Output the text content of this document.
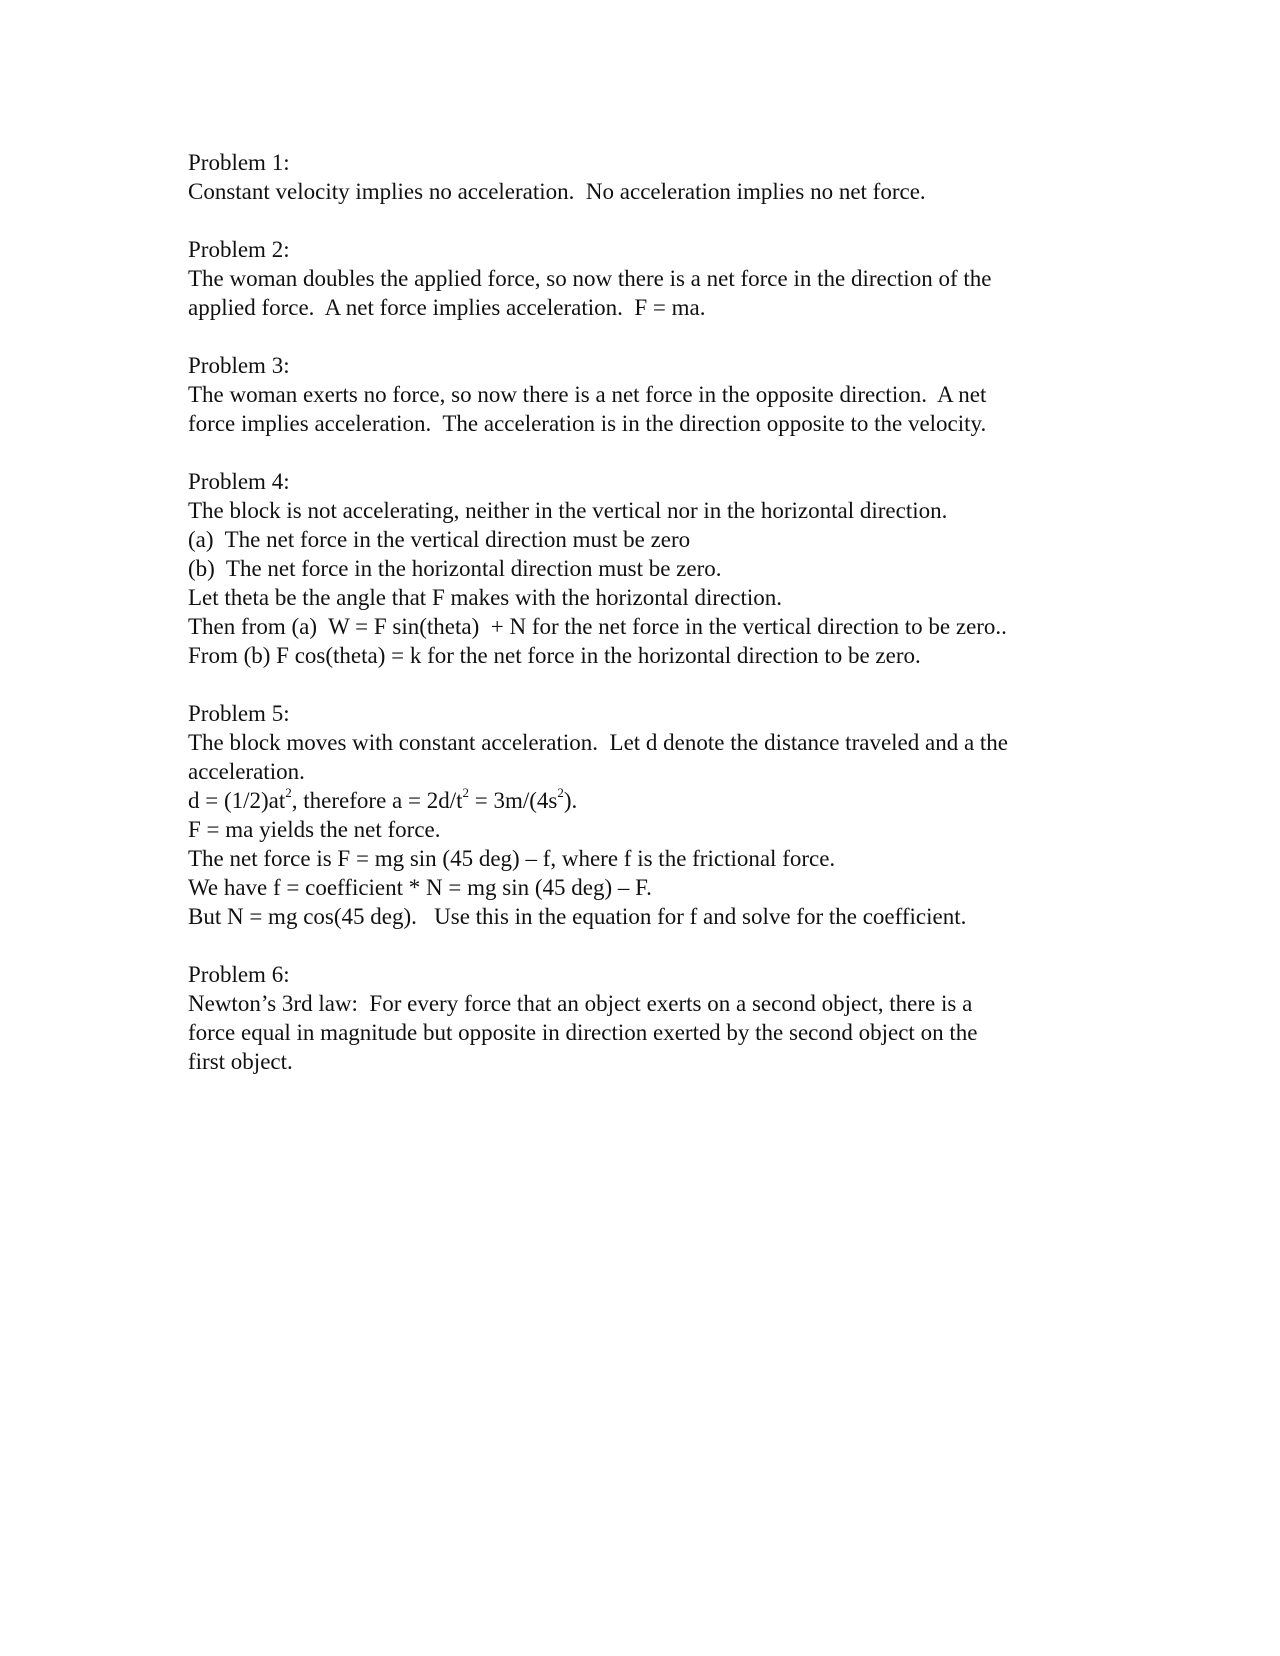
Problem 1:
Constant velocity implies no acceleration.  No acceleration implies no net force.
Problem 2:
The woman doubles the applied force, so now there is a net force in the direction of the
applied force.  A net force implies acceleration.  F = ma.
Problem 3:
The woman exerts no force, so now there is a net force in the opposite direction.  A net
force implies acceleration.  The acceleration is in the direction opposite to the velocity.
Problem 4:
The block is not accelerating, neither in the vertical nor in the horizontal direction.
(a)  The net force in the vertical direction must be zero
(b)  The net force in the horizontal direction must be zero.
Let theta be the angle that F makes with the horizontal direction.
Then from (a)  W = F sin(theta)  + N for the net force in the vertical direction to be zero..
From (b) F cos(theta) = k for the net force in the horizontal direction to be zero.
Problem 5:
The block moves with constant acceleration.  Let d denote the distance traveled and a the
acceleration.
$d = (1/2)at^2$, therefore $a = 2d/t^2 = 3m/(4s^2)$.
F = ma yields the net force.
The net force is F = mg sin (45 deg) – f, where f is the frictional force.
We have f = coefficient * N = mg sin (45 deg) – F.
But N = mg cos(45 deg).   Use this in the equation for f and solve for the coefficient.
Problem 6:
Newton’s 3rd law:  For every force that an object exerts on a second object, there is a
force equal in magnitude but opposite in direction exerted by the second object on the
first object.
